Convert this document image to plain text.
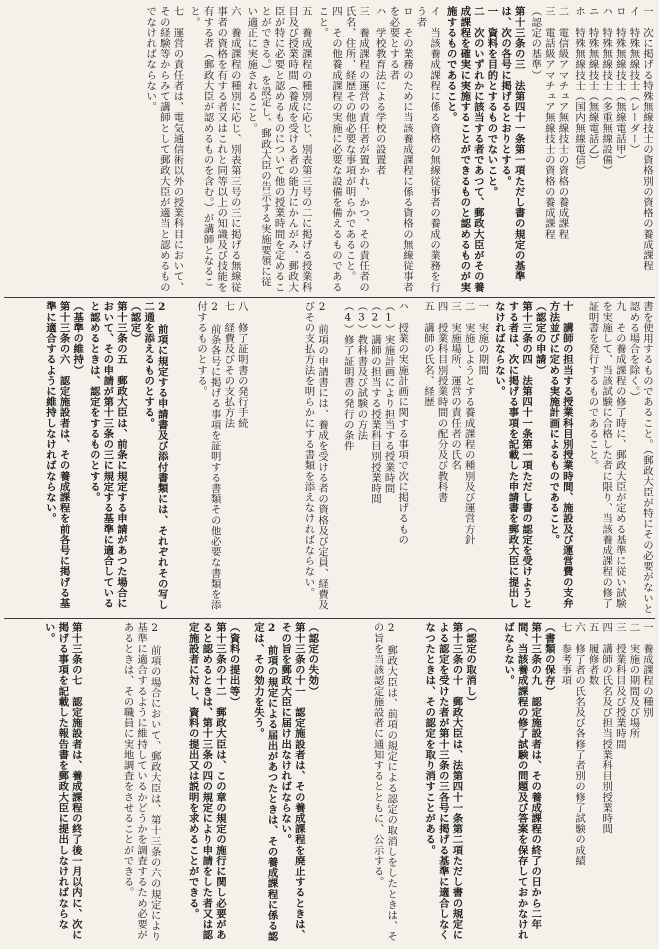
一　次に掲げる特殊無線技士の資格別の資格の養成課程
イ　特殊無線技士（レーダー）
ロ　特殊無線技士（無線電話甲）
ハ　特殊無線技士（多重無線設備）
ニ　特殊無線技士（無線電話乙）
ホ　特殊無線技士（国内無線電信）
二　電信級アマチュア無線技士の資格の養成課程
三　電話級アマチュア無線技士の資格の養成課程
（認定の基準）
第十三条の三　法第四十一条第一項ただし書の規定の基準は、次の各号に掲げるとおりとする。
一　資料を目的とするものでないこと。
二　次のいずれかに該当する者であつて、郵政大臣がその養成課程を確実に実施することができるものと認めるものが実施するものであること。
イ　当該養成課程に係る資格の無線従事者の養成の業務を行う者
ロ　その業務のために当該養成課程に係る資格の無線従事者を必要とする者
ハ　学校教育法による学校の設置者
三　養成課程の運営の責任者が置かれ、かつ、その責任者の氏名、住所、経歴その他必要な事項が明らかであること。
四　その他養成課程の実施に必要な設備を備えるものであること。
五　養成課程の種別に応じ、別表第三号の二に掲げる授業科目及び授業時間（養成を受ける者の能力にかんがみ、郵政大臣が特に必要と認めるものについて他の授業時間を定めることができる。）を設定し、郵政大臣の告示する実施要領に従い適正に実施されること。
六　養成課程の種別に応じ、別表第三号の三に掲げる無線従事者の資格を有する者又はこれと同等以上の知識及び技能を有する者（郵政大臣が認めるものを含む。）が講師となること。
七　運営の責任者は、電気通信術以外の授業科目において、その経験等からみて講師として郵政大臣が適当と認めるものでなければならない。
書を使用するものであること。（郵政大臣が特にその必要がないと認める場合を除く。）
九　その養成課程の修了時に、郵政大臣が定める基準に従い試験を実施して、当該試験に合格した者に限り、当該養成課程の修了証明書を発行するものであること。
十　講師の担当する授業科目別授業時間、施設及び運営費の支弁方法並びに定める実施計画によるものであること。
（認定の申請）
第十三条の四　法第四十一条第一項ただし書の認定を受けようとする者は、次に掲げる事項を記載した申請書を郵政大臣に提出しなければならない。
一　実施の期間
二　実施しようとする養成課程の種別及び運営方針
三　実施場所、運営の責任者の氏名
四　授業科目別授業時間の配分及び教科書
五　講師の氏名、経歴
ハ　授業の実施計画に関する事項で次に掲げるもの
（1）実施計画により担当する授業時間
（2）講師の担当する授業科目別授業時間
（3）教科書及び試験の方法
（4）修了証明書の発行の条件
2　前項の申請書には、養成を受ける者の資格及び定員、経費及びその支払方法を明らかにする書類を添えなければならない。
八　修了証明書の発行手続
七　経費及びその支払方法
2　前条各号に掲げる事項を証明する書類その他必要な書類を添付するものとする。
2　前項に規定する申請書及び添付書類には、それぞれその写し二通を添えるものとする。
（認定）
第十三条の五　郵政大臣は、前条に規定する申請があつた場合において、その申請が第十三条の三に規定する基準に適合していると認めるときは、認定をするものとする。
（基準の維持）
第十三条の六　認定施設者は、その養成課程を前各号に掲げる基準に適合するように維持しなければならない。
一　養成課程の種別
二　実施の期間及び場所
三　授業科目及び授業時間
四　講師の氏名及び担当授業科目別授業時間
五　履修者数
六　修了者の氏名及び各修了者別の修了試験の成績
七　参考事項
（書類の保存）
第十三条の九　認定施設者は、その養成課程の終了の日から二年間、当該養成課程の修了試験の問題及び答案を保存しておかなければならない。
（認定の取消し）
第十三条の十　郵政大臣は、法第四十一条第二項ただし書の規定による認定を受けた者が第十三条の三各号に掲げる基準に適合しなくなつたときは、その認定を取り消すことがある。
2　郵政大臣は、前項の規定による認定の取消しをしたときは、その旨を当該認定施設者に通知するとともに、公示する。
（認定の失効）
第十三条の十一　認定施設者は、その養成課程を廃止するときは、その旨を郵政大臣に届け出なければならない。
2　前項の規定による届出があつたときは、その養成課程に係る認定は、その効力を失う。
（資料の提出等）
第十三条の十二　郵政大臣は、この章の規定の施行に関し必要があると認めるときは、第十三条の四の規定により申請をした者又は認定施設者に対し、資料の提出又は説明を求めることができる。
2　前項の場合において、郵政大臣は、第十三条の六の規定により基準に適合するように維持しているかどうかを調査するため必要があるときは、その職員に実地調査をさせることができる。
第十三条の七　認定施設者は、養成課程の終了後一月以内に、次に掲げる事項を記載した報告書を郵政大臣に提出しなければならない。
